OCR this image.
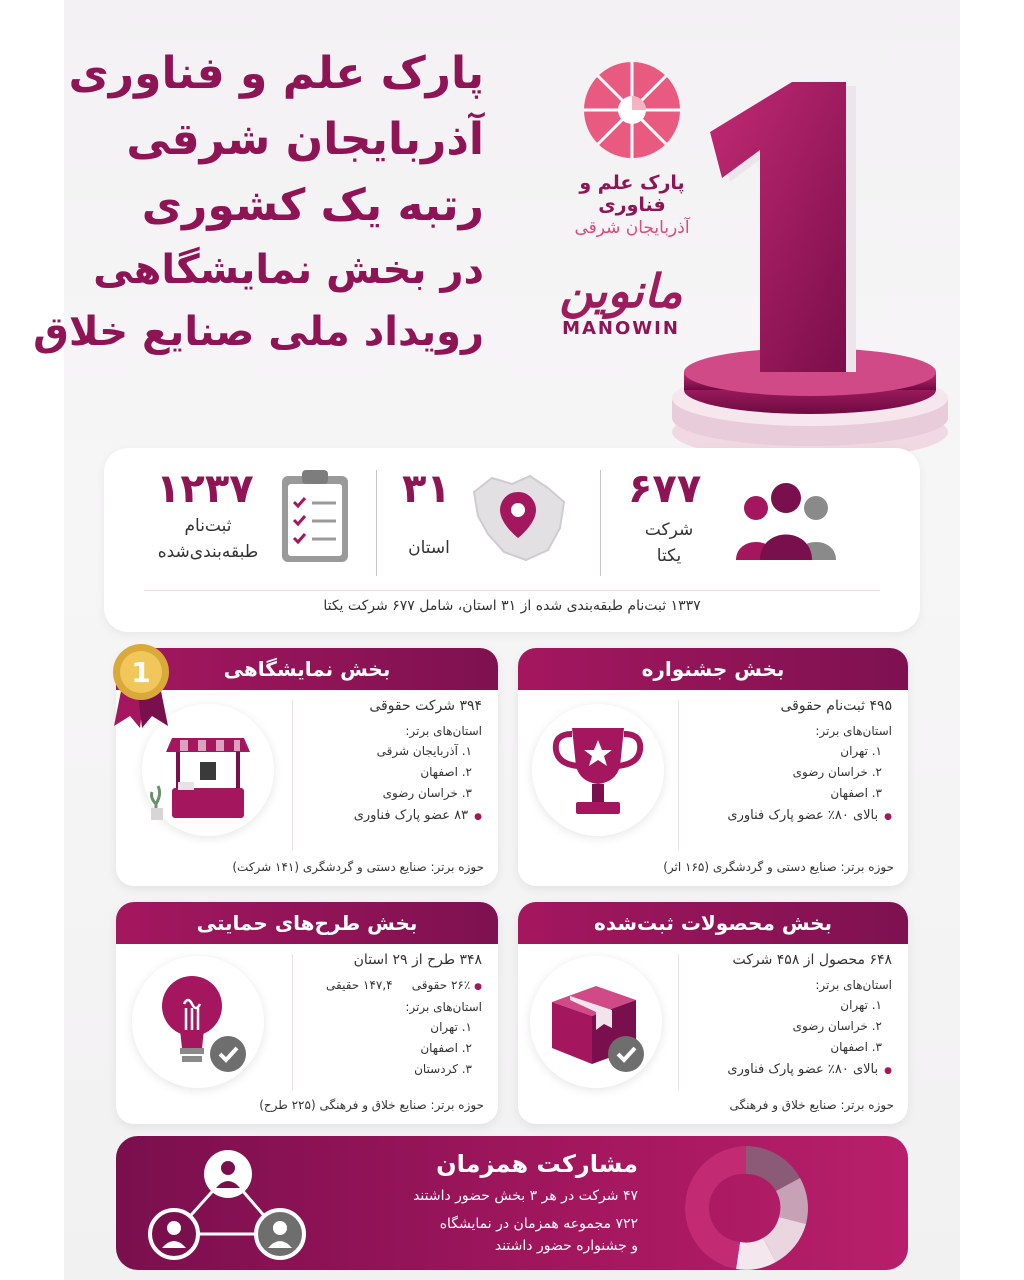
پارک علم و فناوری
آذربایجان شرقی
رتبه یک کشوری
در بخش نمایشگاهی
رویداد ملی صنایع خلاق
پارک علم و فناوری
آذربایجان شرقی
مانوین
MANOWIN
۱۲۳۷
ثبت‌نام
طبقه‌بندی‌شده
۳۱
استان
۶۷۷
شرکت
یکتا
۱۳۳۷ ثبت‌نام طبقه‌بندی شده از ۳۱ استان، شامل ۶۷۷ شرکت یکتا
بخش نمایشگاهی
۳۹۴ شرکت حقوقی
استان‌های برتر:
۱. آذربایجان شرقی
۲. اصفهان
۳. خراسان رضوی
● ۸۳ عضو پارک فناوری
حوزه برتر: صنایع دستی و گردشگری (۱۴۱ شرکت)
1	بخش جشنواره
۴۹۵ ثبت‌نام حقوقی
استان‌های برتر:
۱. تهران
۲. خراسان رضوی
۳. اصفهان
● بالای ۸۰٪ عضو پارک فناوری
حوزه برتر: صنایع دستی و گردشگری (۱۶۵ اثر)
بخش طرح‌های حمایتی
۳۴۸ طرح از ۲۹ استان
● ۲۶٪ حقوقی     ۱۴۷,۴ حقیقی
استان‌های برتر:
۱. تهران
۲. اصفهان
۳. کردستان
حوزه برتر: صنایع خلاق و فرهنگی (۲۲۵ طرح)
بخش محصولات ثبت‌شده
۶۴۸ محصول از ۴۵۸ شرکت
استان‌های برتر:
۱. تهران
۲. خراسان رضوی
۳. اصفهان
● بالای ۸۰٪ عضو پارک فناوری
حوزه برتر: صنایع خلاق و فرهنگی
مشارکت همزمان
۴۷ شرکت در هر ۳ بخش حضور داشتند
۷۲۲ مجموعه همزمان در نمایشگاه
و جشنواره حضور داشتند
